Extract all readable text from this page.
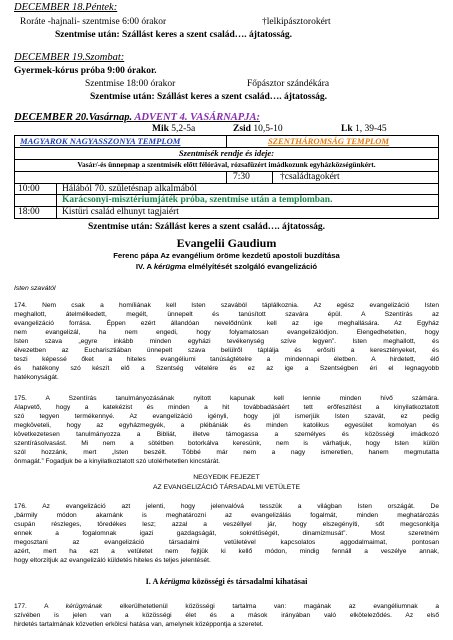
DECEMBER 18.Péntek:
Roráte -hajnali- szentmise 6:00 órakor	†lelkipásztorokért
Szentmise után: Szállást keres a szent család…. ájtatosság.
DECEMBER 19.Szombat:
Gyermek-kórus próba 9:00 órakor.
Szentmise 18:00 órakor	Főpásztor szándékára
Szentmise után: Szállást keres a szent család…. ájtatosság.
DECEMBER 20.Vasárnap. ADVENT 4. VASÁRNAPJA:
Mik 5,2-5a	Zsid 10,5-10	Lk 1, 39-45
MAGYAROK NAGYASSZONYA TEMPLOM	SZENTHÁROMSÁG TEMPLOM
Szentmisék rendje és ideje:
Vasár/-és ünnepnap a szentmisék előtt félórával, rózsafüzért imádkozunk egyházközségünkért.
7:30	†családtagokért
10:00 Hálából 70. születésnap alkalmából
Karácsonyi-misztériumjáték próba, szentmise után a templomban.
18:00 Kistüri család elhunyt tagjaiért
Szentmise után: Szállást keres a szent család…. ájtatosság.
Evangelii Gaudium
Ferenc pápa Az evangélium öröme kezdetű apostoli buzdítása
IV. A kérügma elmélyítését szolgáló evangelizáció
Isten szavától
174. Nem csak a homíliának kell Isten szavából táplálkoznia. Az egész evangelizáció Isten
meghallott, átelmélkedett, megélt, ünnepelt és tanúsított szavára épül. A Szentírás az
evangelizáció forrása. Éppen ezért állandóan nevelődnünk kell az ige meghallására. Az Egyház
nem evangelizál, ha nem engedi, hogy folyamatosan evangelizálódjon. Elengedhetetlen, hogy
Isten szava „egyre inkább minden egyházi tevékenység szíve legyen”. Isten meghallott, és
élvezetben az Eucharisztiában ünnepelt szava belülről táplálja és erősíti a keresztényeket, és
teszi képessé őket a hiteles evangéliumi tanúságtételre a mindennapi életben. A hirdetett, élő
és hatékony szó készít elő a Szentség vételére és ez az ige a Szentségben éri el legnagyobb
hatékonyságát.
175. A Szentírás tanulmányozásának nyitott kapunak kell lennie minden hívő számára.
Alapvető, hogy a katekézist és minden a hit továbbadásáért tett erőfeszítést a kinyilatkoztatott
szó tegyen termékennyé. Az evangelizáció igényli, hogy jól ismerjük Isten szavát, ez pedig
megköveteli, hogy az egyházmegyék, a plébániák és minden katolikus egyesület komolyan és
következetesen tanulmányozza a Bibliát, illetve támogassa a személyes és közösségi imádkozó
szentírásolvasást. Mi nem a sötétben botorkálva keresünk, nem is várhatjuk, hogy Isten külön
szól hozzánk, mert „Isten beszélt. Többé már nem a nagy ismeretlen, hanem megmutatta
önmagát.” Fogadjuk be a kinyilatkoztatott szó utolérhetetlen kincstárát.
NEGYEDIK FEJEZET
AZ EVANGELIZÁCIÓ TÁRSADALMI VETÜLETE
176. Az evangelizáció azt jelenti, hogy jelenvalóvá tesszük a világban Isten országát. De
„bármily módon akarnánk is meghatározni az evangelizálás fogalmát, minden meghatározás
csupán részleges, töredékes lesz; azzal a veszéllyel jár, hogy elszegényíti, sőt megcsonkítja
ennek a fogalomnak igazi gazdagságát, sokrétűségét, dinamizmusát”. Most szeretném
megosztani az evangelizáció társadalmi vetületével kapcsolatos aggodalmaimat, pontosan
azért, mert ha ezt a vetületet nem fejtjük ki kellő módon, mindig fennáll a veszélye annak,
hogy eltorzítjuk az evangelizáló küldetés hiteles és teljes jelentését.
I. A kérügma közösségi és társadalmi kihatásai
177. A kérügmának elkerülhetetlenül közösségi tartalma van: magának az evangéliumnak a
szívében is jelen van a közösségi élet és a mások irányában való elköteleződés. Az első
hirdetés tartalmának közvetlen erkölcsi hatása van, amelynek középpontja a szeretet.
